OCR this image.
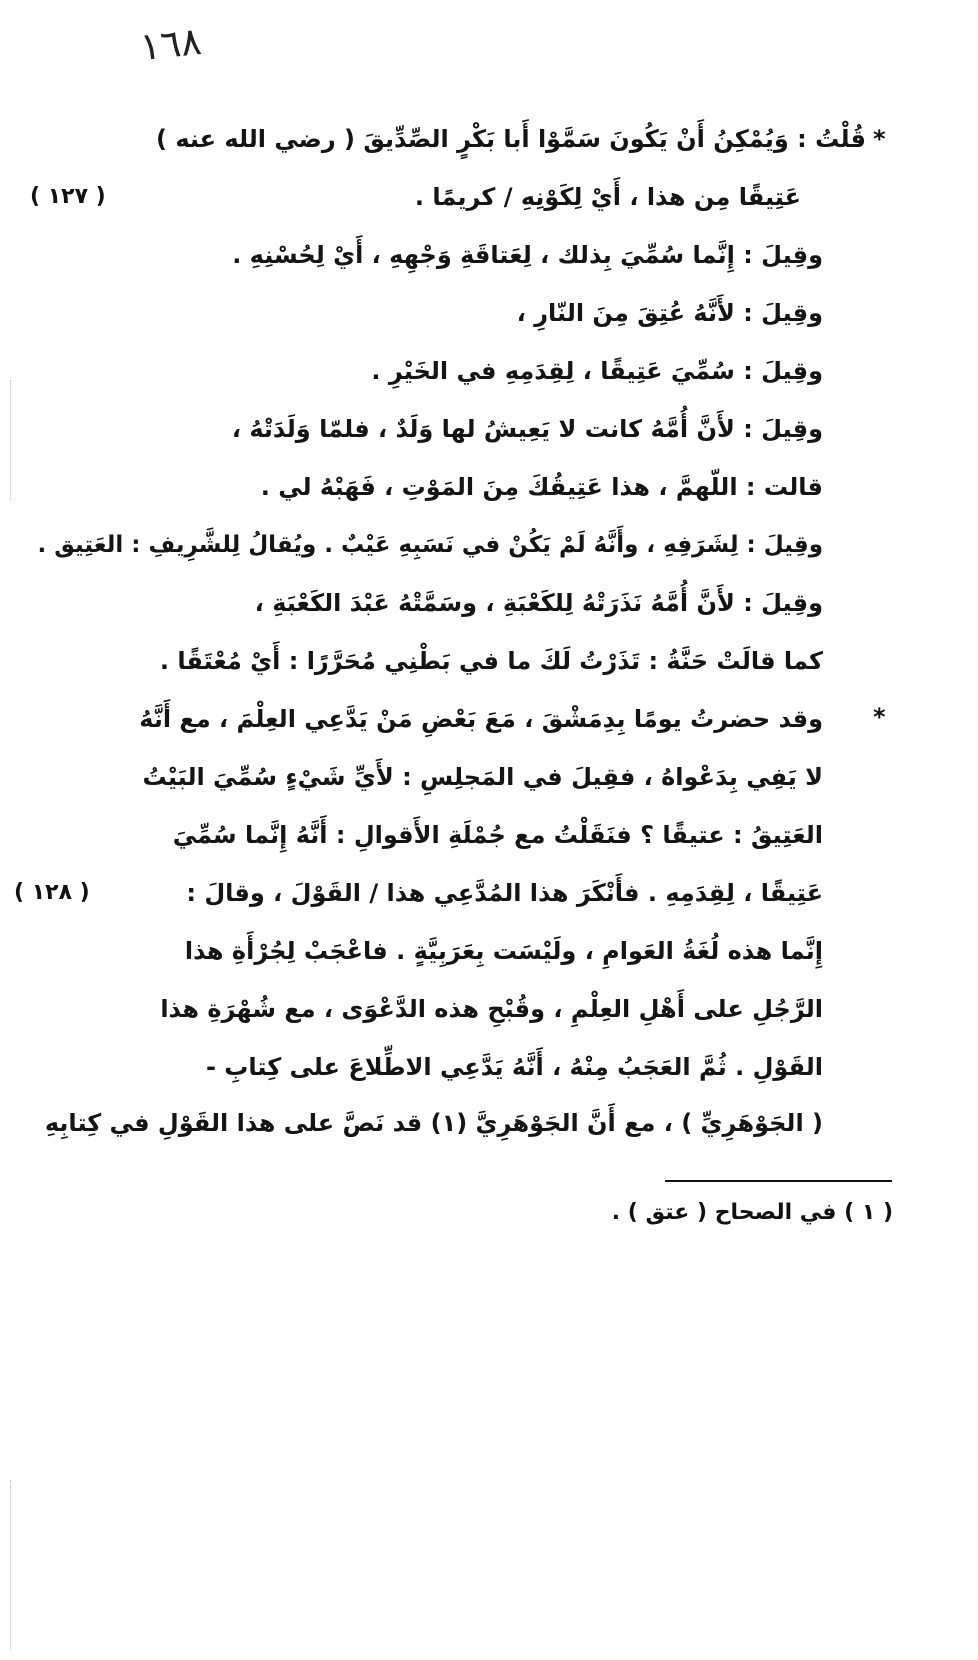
١٦٨
*
*
( ١٢٧ )
( ١٢٨ )
قُلْتُ : وَيُمْكِنُ أَنْ يَكُونَ سَمَّوْا أَبا بَكْرٍ الصِّدِّيقَ ( رضي الله عنه )
عَتِيقًا مِن هذا ، أَيْ لِكَوْنِهِ / كريمًا .
وقِيلَ : إِنَّما سُمِّيَ بِذلك ، لِعَتاقَةِ وَجْهِهِ ، أَيْ لِحُسْنِهِ .
وقِيلَ : لأَنَّهُ عُتِقَ مِنَ النّارِ ،
وقِيلَ : سُمِّيَ عَتِيقًا ، لِقِدَمِهِ في الخَيْرِ .
وقِيلَ : لأَنَّ أُمَّهُ كانت لا يَعِيشُ لها وَلَدٌ ، فلمّا وَلَدَتْهُ ،
قالت : اللّهمَّ ، هذا عَتِيقُكَ مِنَ المَوْتِ ، فَهَبْهُ لي .
وقِيلَ : لِشَرَفِهِ ، وأَنَّهُ لَمْ يَكُنْ في نَسَبِهِ عَيْبٌ . ويُقالُ لِلشَّرِيفِ : العَتِيق .
وقِيلَ : لأَنَّ أُمَّهُ نَذَرَتْهُ لِلكَعْبَةِ ، وسَمَّتْهُ عَبْدَ الكَعْبَةِ ،
كما قالَتْ حَنَّةُ : تَذَرْتُ لَكَ ما في بَطْنِي مُحَرَّرًا : أَيْ مُعْتَقًا .
وقد حضرتُ يومًا بِدِمَشْقَ ، مَعَ بَعْضِ مَنْ يَدَّعِي العِلْمَ ، مع أَنَّهُ
لا يَفِي بِدَعْواهُ ، فقِيلَ في المَجلِسِ : لأَيِّ شَيْءٍ سُمِّيَ البَيْتُ
العَتِيقُ : عتيقًا ؟ فنَقَلْتُ مع جُمْلَةِ الأَقوالِ : أَنَّهُ إِنَّما سُمِّيَ
عَتِيقًا ، لِقِدَمِهِ . فأَنْكَرَ هذا المُدَّعِي هذا / القَوْلَ ، وقالَ :
إِنَّما هذه لُغَةُ العَوامِ ، ولَيْسَت بِعَرَبِيَّةٍ . فاعْجَبْ لِجُرْأَةِ هذا
الرَّجُلِ على أَهْلِ العِلْمِ ، وقُبْحِ هذه الدَّعْوَى ، مع شُهْرَةِ هذا
القَوْلِ . ثُمَّ العَجَبُ مِنْهُ ، أَنَّهُ يَدَّعِي الاطِّلاعَ على كِتابِ -
( الجَوْهَرِيِّ ) ، مع أَنَّ الجَوْهَرِيَّ (١) قد نَصَّ على هذا القَوْلِ في كِتابِهِ
( ١ ) في الصحاح ( عتق ) .
